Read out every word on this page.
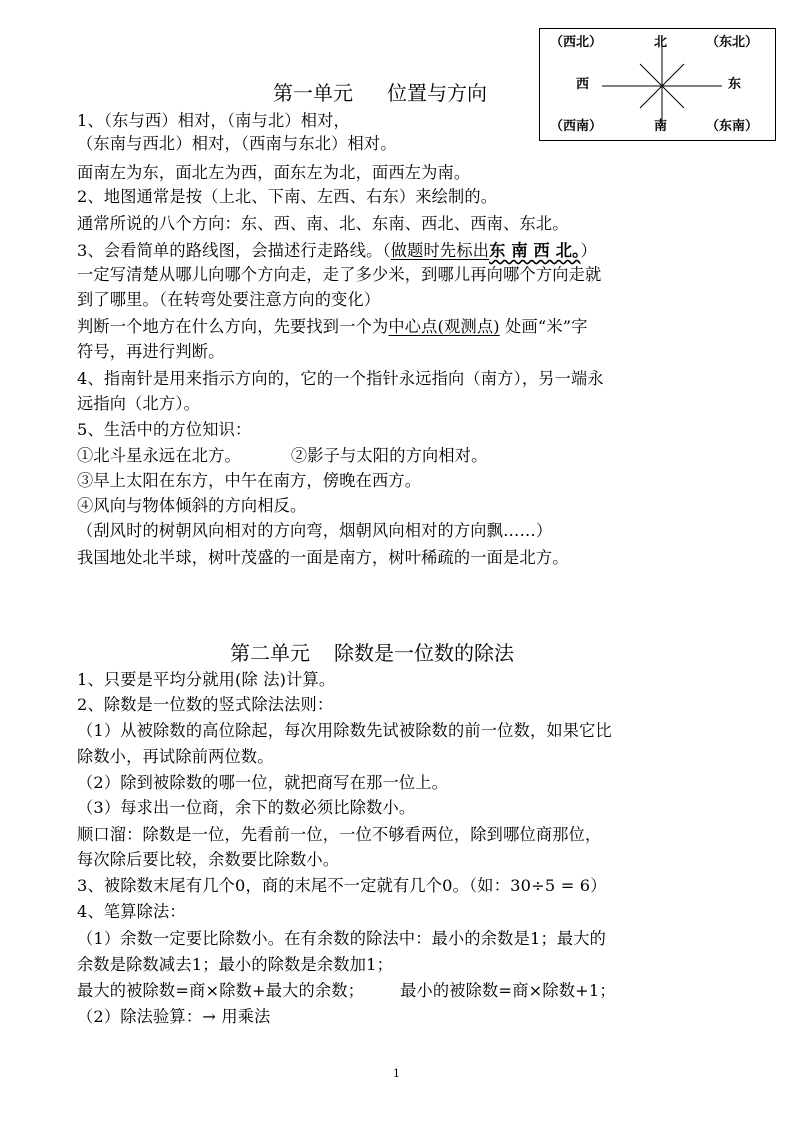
（西北）	北	（东北）
西	东
（西南）	南	（东南）
第一单元 位置与方向
1、（东与西）相对，（南与北）相对，
（东南与西北）相对，（西南与东北）相对。
面南左为东，面北左为西，面东左为北，面西左为南。
2、地图通常是按（上北、下南、左西、右东）来绘制的。
通常所说的八个方向：东、西、南、北、东南、西北、西南、东北。
3、会看简单的路线图，会描述行走路线。（做题时先标出东 南 西 北。）
一定写清楚从哪儿向哪个方向走，走了多少米，到哪儿再向哪个方向走就
到了哪里。（在转弯处要注意方向的变化）
判断一个地方在什么方向，先要找到一个为中心点(观测点) 处画“米”字
符号，再进行判断。
4、指南针是用来指示方向的，它的一个指针永远指向（南方），另一端永
远指向（北方）。
5、生活中的方位知识：
①北斗星永远在北方。	②影子与太阳的方向相对。
③早上太阳在东方，中午在南方，傍晚在西方。
④风向与物体倾斜的方向相反。
（刮风时的树朝风向相对的方向弯，烟朝风向相对的方向飘……）
我国地处北半球，树叶茂盛的一面是南方，树叶稀疏的一面是北方。
第二单元 除数是一位数的除法
1、只要是平均分就用(除 法)计算。
2、除数是一位数的竖式除法法则：
（1）从被除数的高位除起，每次用除数先试被除数的前一位数，如果它比
除数小，再试除前两位数。
（2）除到被除数的哪一位，就把商写在那一位上。
（3）每求出一位商，余下的数必须比除数小。
顺口溜：除数是一位，先看前一位，一位不够看两位，除到哪位商那位，
每次除后要比较，余数要比除数小。
3、被除数末尾有几个0，商的末尾不一定就有几个0。（如：30÷5 = 6）
4、笔算除法：
（1）余数一定要比除数小。在有余数的除法中：最小的余数是1；最大的
余数是除数减去1；最小的除数是余数加1；
最大的被除数=商×除数+最大的余数； 最小的被除数=商×除数+1；
（2）除法验算：→ 用乘法
1
